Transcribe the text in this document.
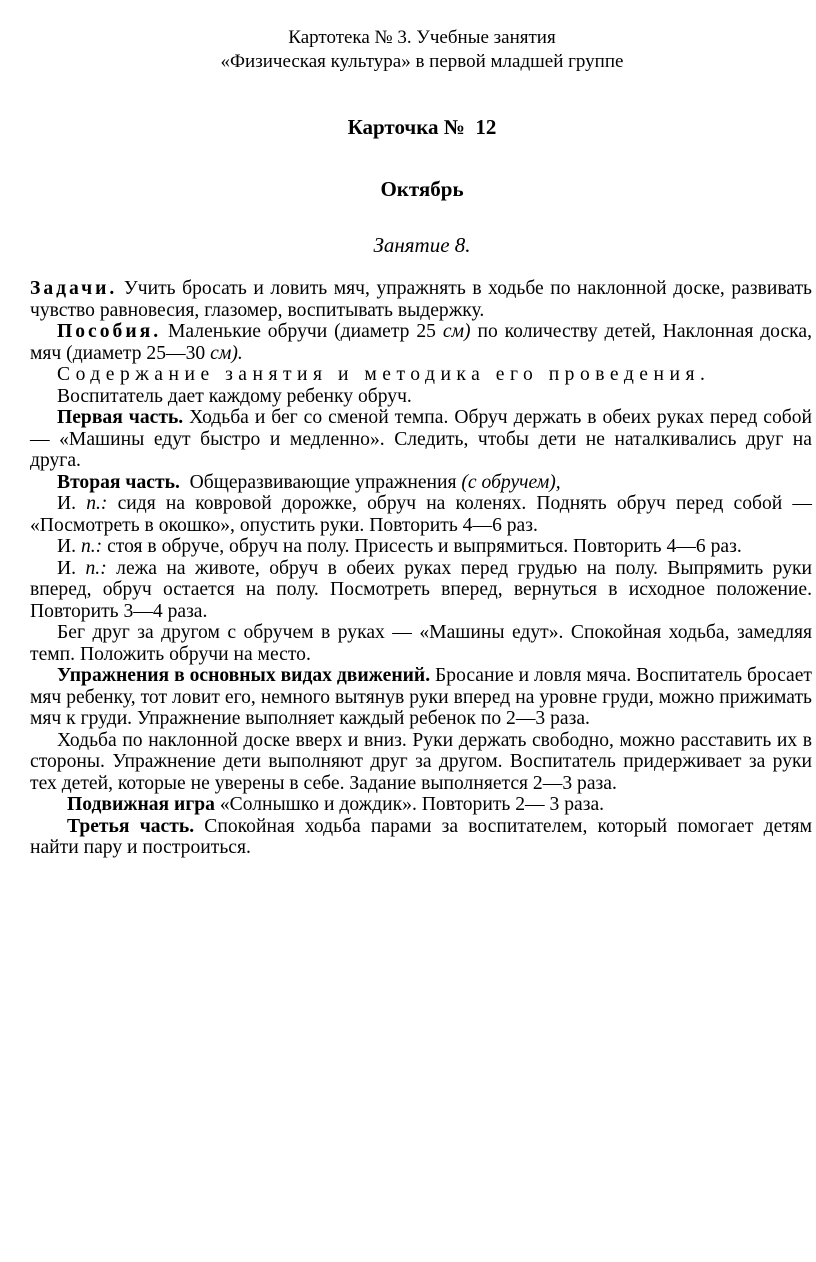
Картотека № 3. Учебные занятия

«Физическая культура» в первой младшей группе

Карточка №  12
Октябрь
Занятие 8.

Задачи. Учить бросать и ловить мяч, упражнять в ходьбе по наклонной доске, развивать чувство равновесия, глазомер, воспитывать выдержку.

Пособия. Маленькие обручи (диаметр 25 см) по количеству детей, Наклонная доска, мяч (диаметр 25—30 см).

Содержание занятия и методика его проведения.

Воспитатель дает каждому ребенку обруч.

Первая часть. Ходьба и бег со сменой темпа. Обруч держать в обеих руках перед собой — «Машины едут быстро и медленно». Следить, чтобы дети не наталкивались друг на друга.

Вторая часть.  Общеразвивающие упражнения (с обручем),

И. п.: сидя на ковровой дорожке, обруч на коленях. Поднять обруч перед собой — «Посмотреть в окошко», опустить руки. Повторить 4—6 раз.

И. п.: стоя в обруче, обруч на полу. Присесть и выпрямиться. Повторить 4—6 раз.

И. п.: лежа на животе, обруч в обеих руках перед грудью на полу. Выпрямить руки вперед, обруч остается на полу. Посмотреть вперед, вернуться в исходное положение. Повторить 3—4 раза.

Бег друг за другом с обручем в руках — «Машины едут». Спокойная ходьба, замедляя темп. Положить обручи на место.

Упражнения в основных видах движений. Бросание и ловля мяча. Воспитатель бросает мяч ребенку, тот ловит его, немного вытянув руки вперед на уровне груди, можно прижимать мяч к груди. Упражнение выполняет каждый ребенок по 2—3 раза.

Ходьба по наклонной доске вверх и вниз. Руки держать свободно, можно расставить их в стороны. Упражнение дети выполняют друг за другом. Воспитатель придерживает за руки тех детей, которые не уверены в себе. Задание выполняется 2—3 раза.

Подвижная игра «Солнышко и дождик». Повторить 2— 3 раза.

Третья часть. Спокойная ходьба парами за воспитателем, который помогает детям найти пару и построиться.
